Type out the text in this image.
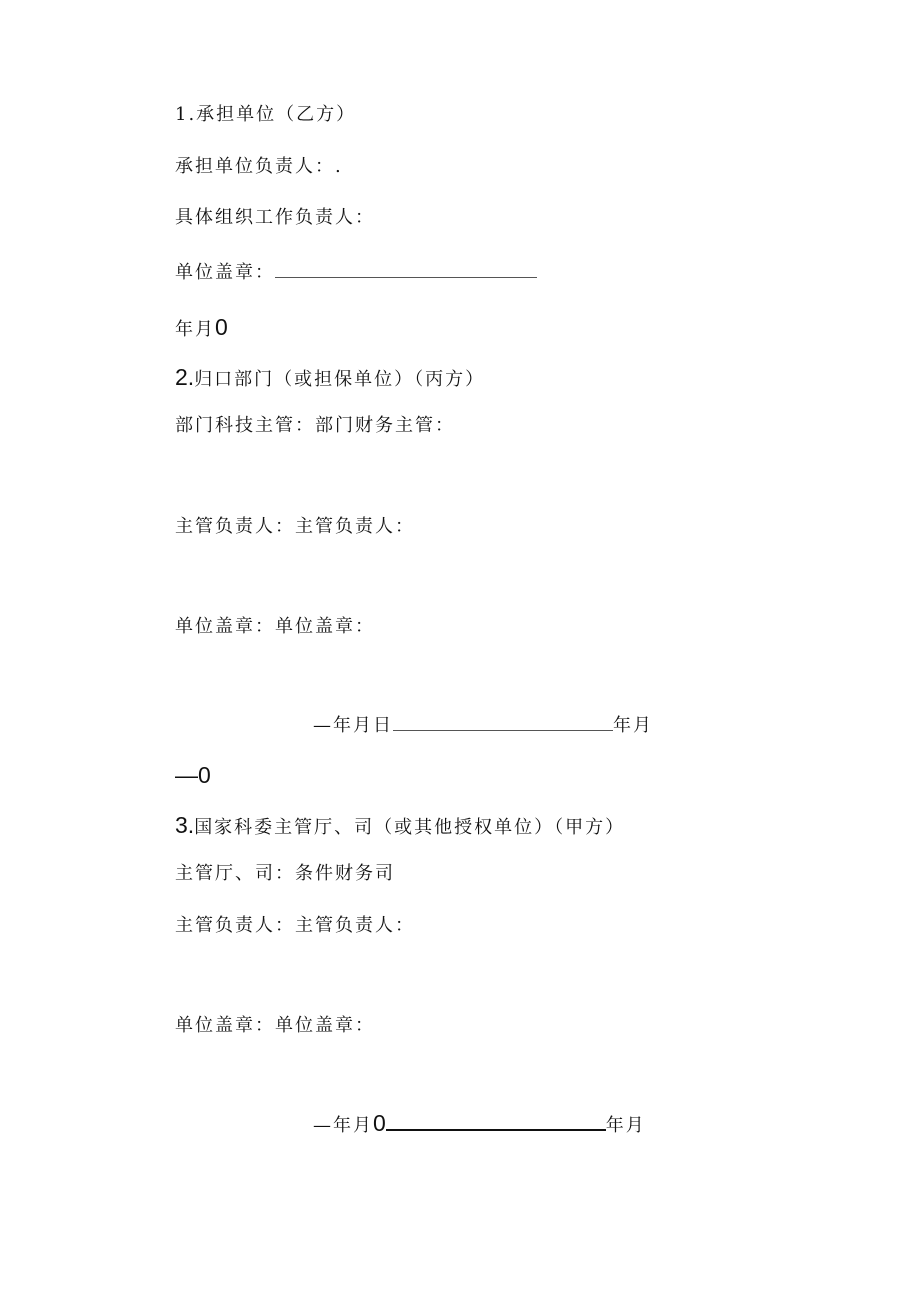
1.承担单位（乙方）
承担单位负责人：.
具体组织工作负责人：
单位盖章：
年月0
2.归口部门（或担保单位）（丙方）
部门科技主管：部门财务主管：
主管负责人：主管负责人：
单位盖章：单位盖章：
—年月日	年月
—0
3.国家科委主管厅、司（或其他授权单位）（甲方）
主管厅、司：条件财务司
主管负责人：主管负责人：
单位盖章：单位盖章：
—年月0	年月
